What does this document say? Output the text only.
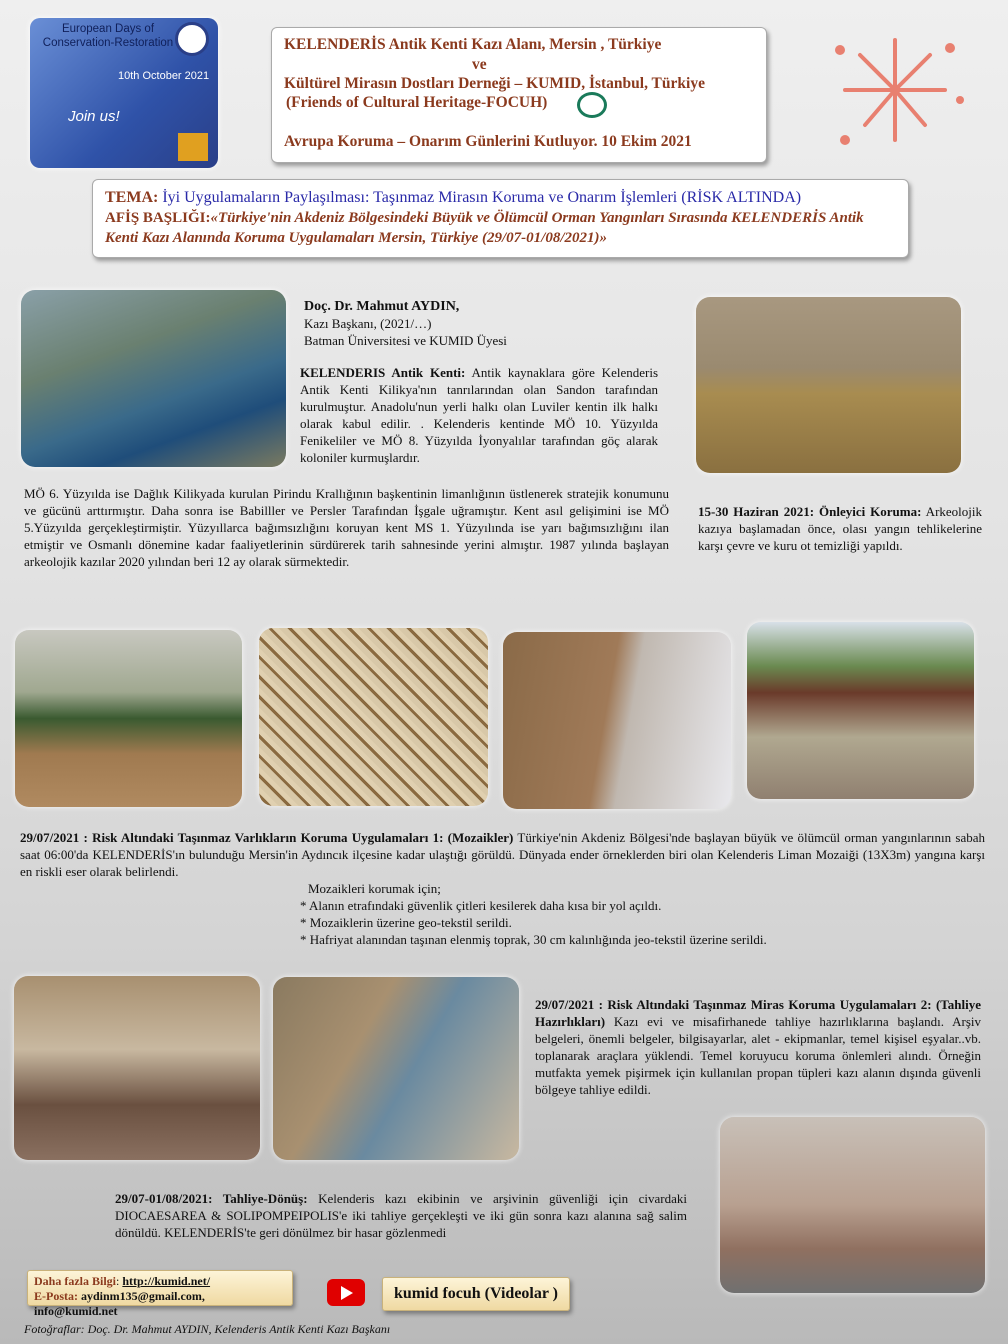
European Days of
Conservation-Restoration
10th October 2021
Join us!
KELENDERİS Antik Kenti Kazı Alanı, Mersin , Türkiye
ve
Kültürel Mirasın Dostları Derneği – KUMID, İstanbul, Türkiye
(Friends of Cultural Heritage-FOCUH)
Avrupa Koruma – Onarım Günlerini Kutluyor. 10 Ekim 2021
TEMA: İyi Uygulamaların Paylaşılması: Taşınmaz Mirasın Koruma ve Onarım İşlemleri (RİSK ALTINDA)
AFİŞ BAŞLIĞI:«Türkiye'nin Akdeniz Bölgesindeki Büyük ve Ölümcül Orman Yangınları Sırasında KELENDERİS Antik Kenti Kazı Alanında Koruma Uygulamaları Mersin, Türkiye (29/07-01/08/2021)»
Doç. Dr. Mahmut AYDIN,
Kazı Başkanı, (2021/…)
Batman Üniversitesi ve KUMID Üyesi
KELENDERIS Antik Kenti: Antik kaynaklara göre Kelenderis Antik Kenti Kilikya'nın tanrılarından olan Sandon tarafından kurulmuştur. Anadolu'nun yerli halkı olan Luviler kentin ilk halkı olarak kabul edilir. . Kelenderis kentinde MÖ 10. Yüzyılda Fenikeliler ve MÖ 8. Yüzyılda İyonyalılar tarafından göç alarak koloniler kurmuşlardır.
MÖ 6. Yüzyılda ise Dağlık Kilikyada kurulan Pirindu Krallığının başkentinin limanlığının üstlenerek stratejik konumunu ve gücünü arttırmıştır. Daha sonra ise Babilller ve Persler Tarafından İşgale uğramıştır. Kent asıl gelişimini ise MÖ 5.Yüzyılda gerçekleştirmiştir. Yüzyıllarca bağımsızlığını koruyan kent MS 1. Yüzyılında ise yarı bağımsızlığını ilan etmiştir ve Osmanlı dönemine kadar faaliyetlerinin sürdürerek tarih sahnesinde yerini almıştır. 1987 yılında başlayan arkeolojik kazılar 2020 yılından beri 12 ay olarak sürmektedir.
15-30 Haziran 2021: Önleyici Koruma: Arkeolojik kazıya başlamadan önce, olası yangın tehlikelerine karşı çevre ve kuru ot temizliği yapıldı.
29/07/2021 : Risk Altındaki Taşınmaz Varlıkların Koruma Uygulamaları 1: (Mozaikler) Türkiye'nin Akdeniz Bölgesi'nde başlayan büyük ve ölümcül orman yangınlarının sabah saat 06:00'da KELENDERİS'ın bulunduğu Mersin'in Aydıncık ilçesine kadar ulaştığı görüldü. Dünyada ender örneklerden biri olan Kelenderis Liman Mozaiği (13X3m) yangına karşı en riskli eser olarak belirlendi.
Mozaikleri korumak için;
* Alanın etrafındaki güvenlik çitleri kesilerek daha kısa bir yol açıldı.
* Mozaiklerin üzerine geo-tekstil serildi.
* Hafriyat alanından taşınan elenmiş toprak, 30 cm kalınlığında jeo-tekstil üzerine serildi.
29/07/2021 : Risk Altındaki Taşınmaz Miras Koruma Uygulamaları 2: (Tahliye Hazırlıkları) Kazı evi ve misafirhanede tahliye hazırlıklarına başlandı. Arşiv belgeleri, önemli belgeler, bilgisayarlar, alet - ekipmanlar, temel kişisel eşyalar..vb. toplanarak araçlara yüklendi. Temel koruyucu koruma önlemleri alındı. Örneğin mutfakta yemek pişirmek için kullanılan propan tüpleri kazı alanın dışında güvenli bölgeye tahliye edildi.
29/07-01/08/2021: Tahliye-Dönüş: Kelenderis kazı ekibinin ve arşivinin güvenliği için civardaki DIOCAESAREA & SOLIPOMPEIPOLIS'e iki tahliye gerçekleşti ve iki gün sonra kazı alanına sağ salim dönüldü. KELENDERİS'te geri dönülmez bir hasar gözlenmedi
Daha fazla Bilgi: http://kumid.net/
E-Posta: aydinm135@gmail.com, info@kumid.net
kumid focuh (Videolar )
Fotoğraflar: Doç. Dr. Mahmut AYDIN, Kelenderis Antik Kenti Kazı Başkanı
